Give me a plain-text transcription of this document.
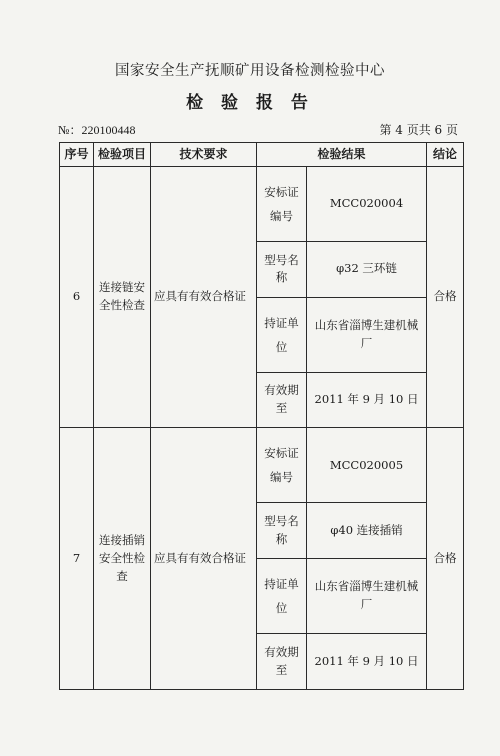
国家安全生产抚顺矿用设备检测检验中心
检 验 报 告
№：220100448	第 4 页共 6 页
序号	检验项目	技术要求	检验结果		结论
6	连接链安全性检查	应具有有效合格证	安标证编号	MCC020004	合格
			型号名称	φ32 三环链	
			持证单位	山东省淄博生建机械厂	
			有效期至	2011 年 9 月 10 日	
7	连接插销安全性检查	应具有有效合格证	安标证编号	MCC020005	合格
			型号名称	φ40 连接插销	
			持证单位	山东省淄博生建机械厂	
			有效期至	2011 年 9 月 10 日	
